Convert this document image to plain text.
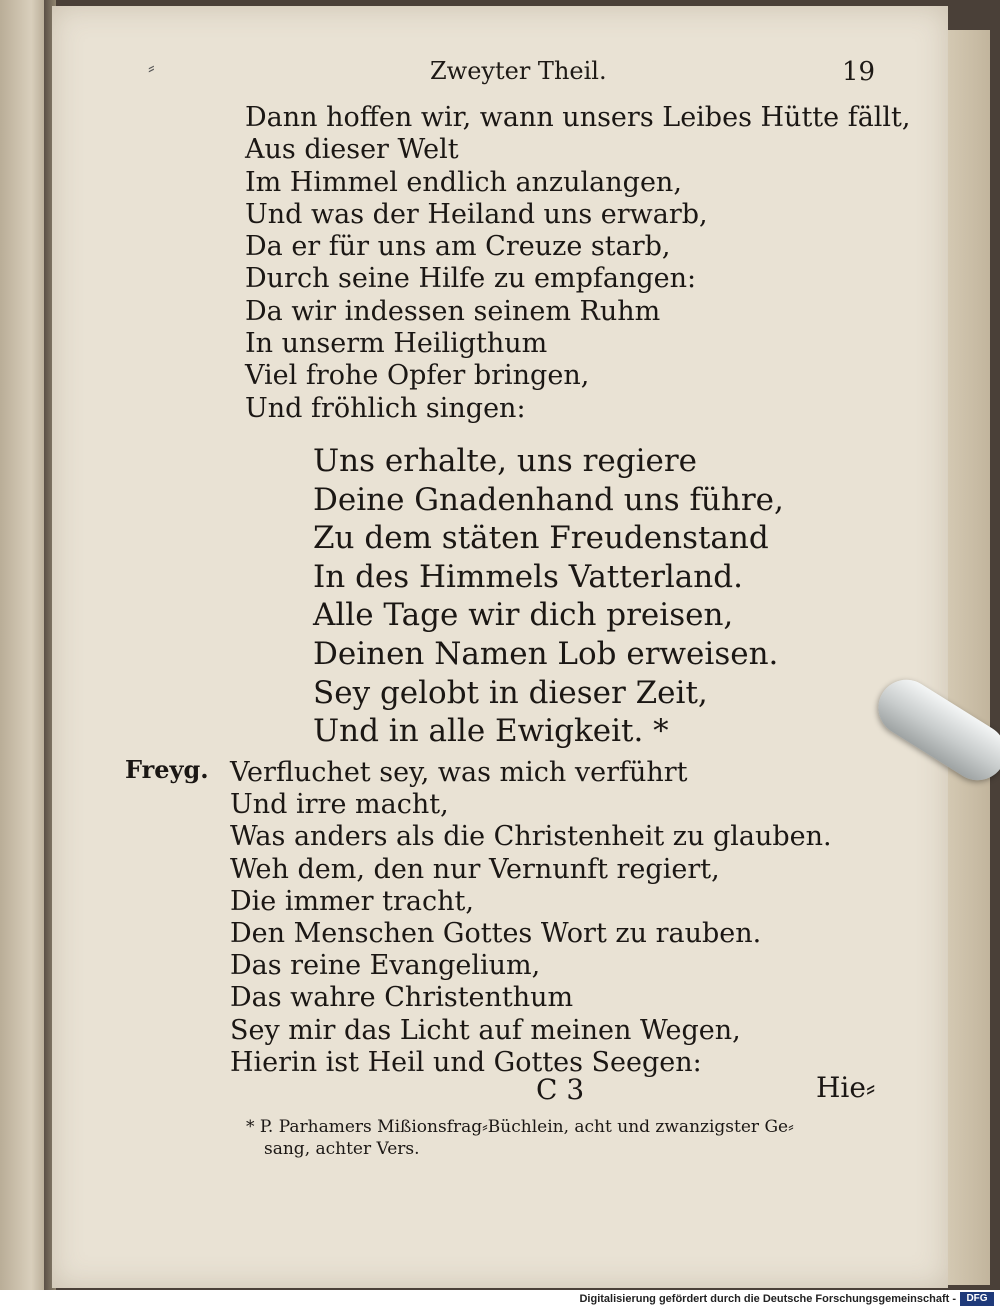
⸗	Zweyter Theil.	19
Dann hoffen wir, wann unsers Leibes Hütte fällt,
Aus dieser Welt
Im Himmel endlich anzulangen,
Und was der Heiland uns erwarb,
Da er für uns am Creuze starb,
Durch seine Hilfe zu empfangen:
Da wir indessen seinem Ruhm
In unserm Heiligthum
Viel frohe Opfer bringen,
Und fröhlich singen:
Uns erhalte, uns regiere
Deine Gnadenhand uns führe,
Zu dem stäten Freudenstand
In des Himmels Vatterland.
Alle Tage wir dich preisen,
Deinen Namen Lob erweisen.
Sey gelobt in dieser Zeit,
Und in alle Ewigkeit. *
Freyg. Verfluchet sey, was mich verführt
Und irre macht,
Was anders als die Christenheit zu glauben.
Weh dem, den nur Vernunft regiert,
Die immer tracht,
Den Menschen Gottes Wort zu rauben.
Das reine Evangelium,
Das wahre Christenthum
Sey mir das Licht auf meinen Wegen,
Hierin ist Heil und Gottes Seegen:
C 3	Hie⸗
* P. Parhamers Mißionsfrag⸗Büchlein, acht und zwanzigster Ge⸗
sang, achter Vers.
Digitalisierung gefördert durch die Deutsche Forschungsgemeinschaft -	DFG
